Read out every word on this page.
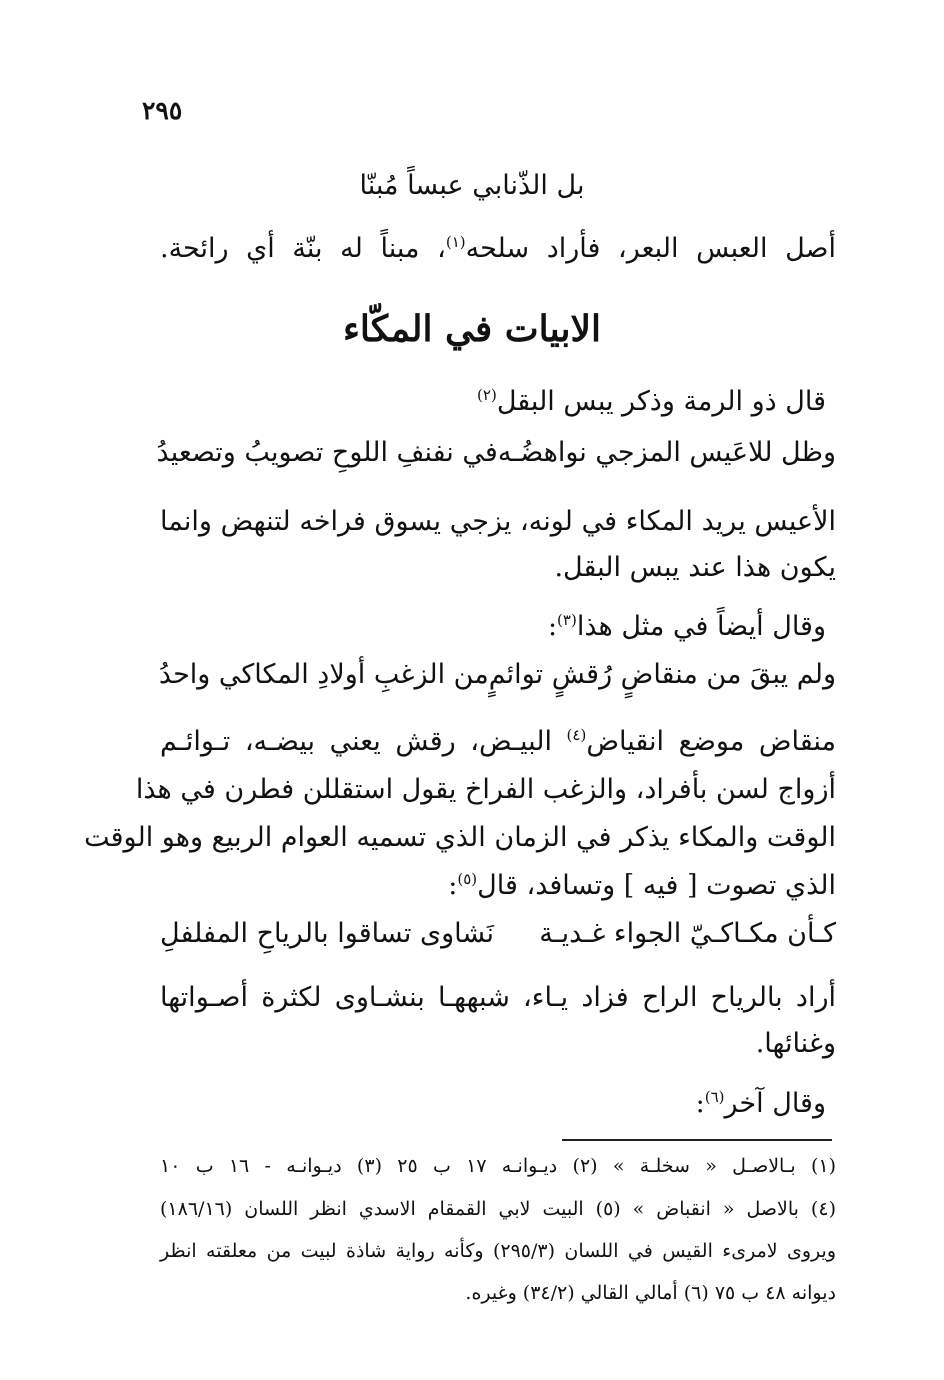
٢٩٥
بل الذّنابي عبساً مُبنّا
أصل العبس البعر، فأراد سلحه$^{(١)}$، مبناً له بنّة أي رائحة.
الابيات في المكّاء
قال ذو الرمة وذكر يبس البقل$^{(٢)}$
وظل للاعَيس المزجي نواهضُـه
في نفنفِ اللوحِ تصويبُ وتصعيدُ
الأعيس يريد المكاء في لونه، يزجي يسوق فراخه لتنهض وانما
يكون هذا عند يبس البقل.
وقال أيضاً في مثل هذا$^{(٣)}$:
ولم يبقَ من منقاضٍ رُقشٍ توائمٍ
من الزغبِ أولادِ المكاكي واحدُ
منقاض موضع انقياض$^{(٤)}$ البيـض، رقش يعني بيضـه، تـوائـم
أزواج لسن بأفراد، والزغب الفراخ يقول استقللن فطرن في هذا
الوقت والمكاء يذكر في الزمان الذي تسميه العوام الربيع وهو الوقت
الذي تصوت [ فيه ] وتسافد، قال$^{(٥)}$:
كـأن مكـاكـيّ الجواء غـديـة
نَشاوى تساقوا بالرياحِ المفلفلِ
أراد بالرياح الراح فزاد يـاء، شبههـا بنشـاوى لكثرة أصـواتها
وغنائها.
وقال آخر$^{(٦)}$:
(١) بـالاصـل « سخلـة » (٢) ديـوانـه ١٧ ب ٢٥ (٣) ديـوانـه - ١٦ ب ١٠
(٤) بالاصل « انقباض » (٥) البيت لابي القمقام الاسدي انظر اللسان (١٨٦/١٦)
ويروى لامرىء القيس في اللسان (٢٩٥/٣) وكأنه رواية شاذة لبيت من معلقته انظر
ديوانه ٤٨ ب ٧٥ (٦) أمالي القالي (٣٤/٢) وغيره.
